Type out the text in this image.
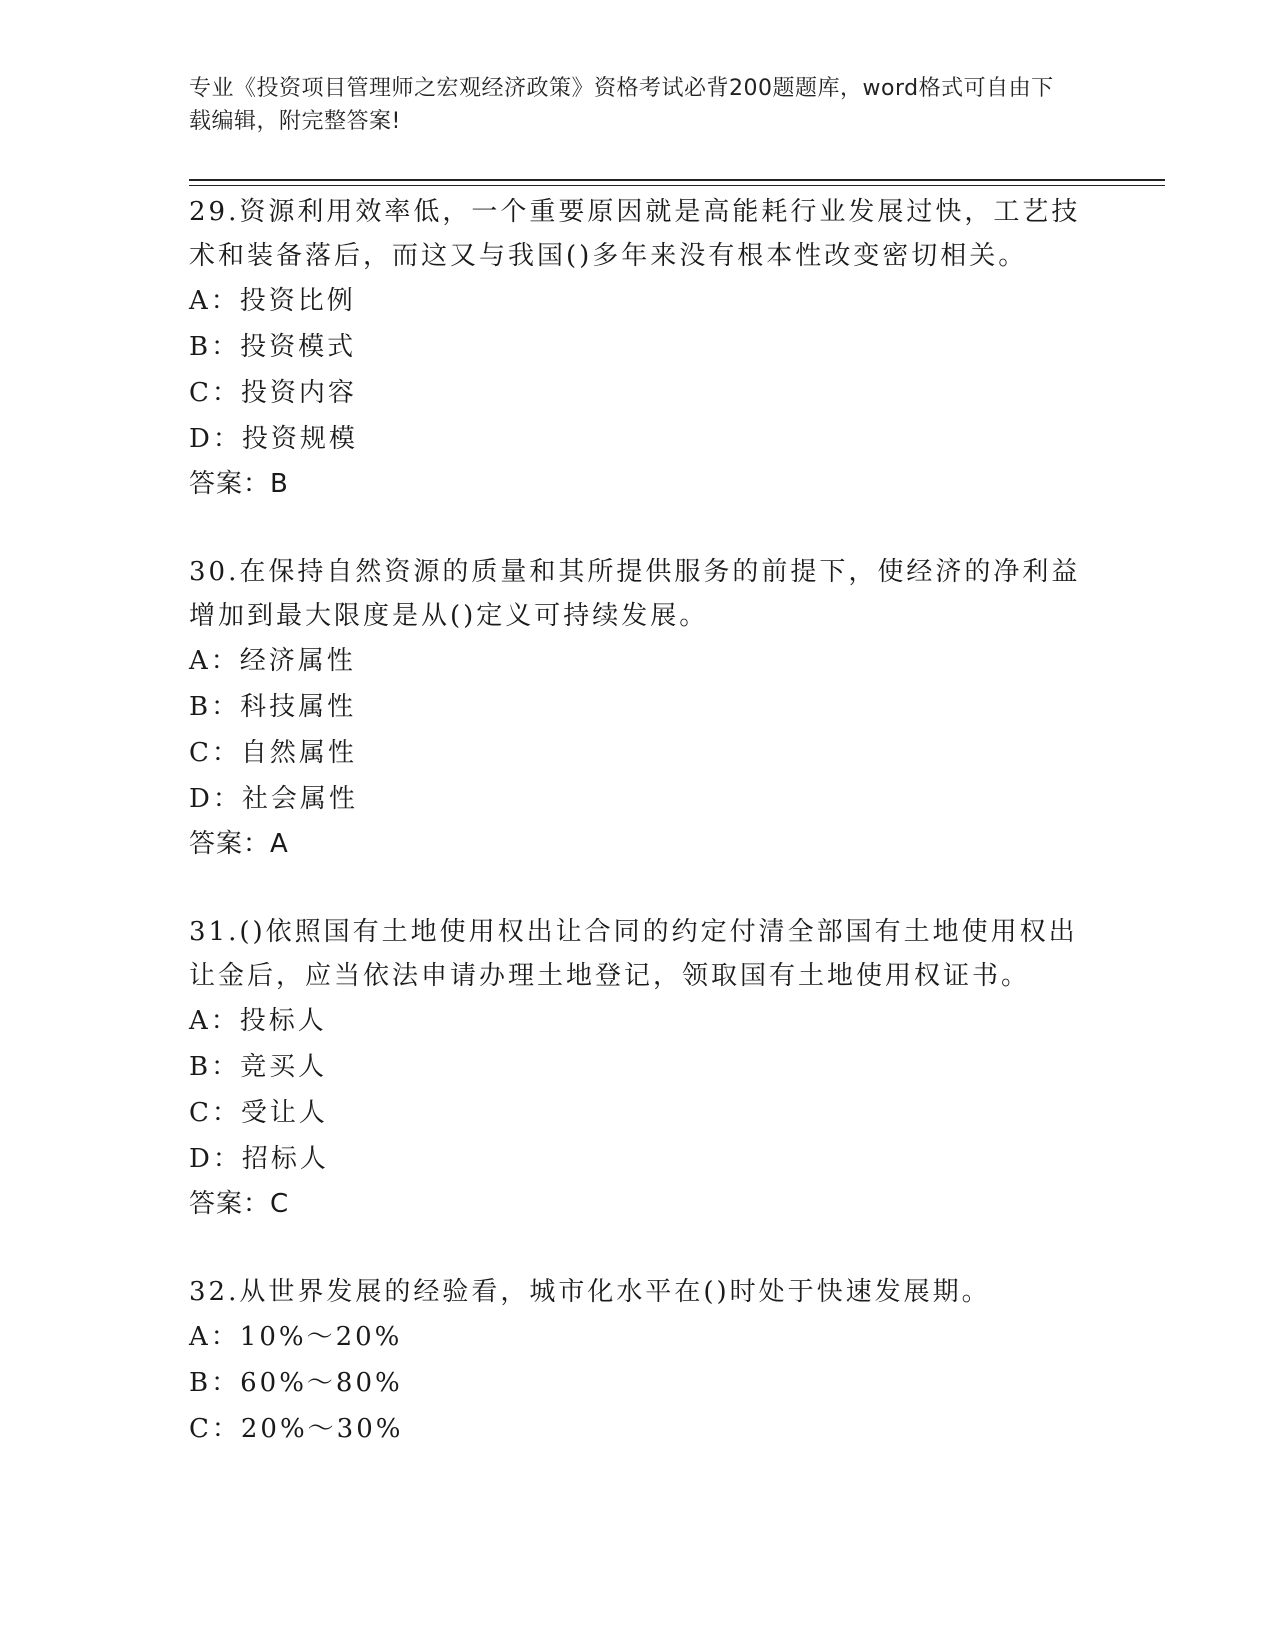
专业《投资项目管理师之宏观经济政策》资格考试必背200题题库，word格式可自由下载编辑，附完整答案!

29.资源利用效率低，一个重要原因就是高能耗行业发展过快，工艺技术和装备落后，而这又与我国()多年来没有根本性改变密切相关。

A：投资比例

B：投资模式

C：投资内容

D：投资规模

答案：B

30.在保持自然资源的质量和其所提供服务的前提下，使经济的净利益增加到最大限度是从()定义可持续发展。

A：经济属性

B：科技属性

C：自然属性

D：社会属性

答案：A

31.()依照国有土地使用权出让合同的约定付清全部国有土地使用权出让金后，应当依法申请办理土地登记，领取国有土地使用权证书。

A：投标人

B：竞买人

C：受让人

D：招标人

答案：C

32.从世界发展的经验看，城市化水平在()时处于快速发展期。

A：10%～20%

B：60%～80%

C：20%～30%
